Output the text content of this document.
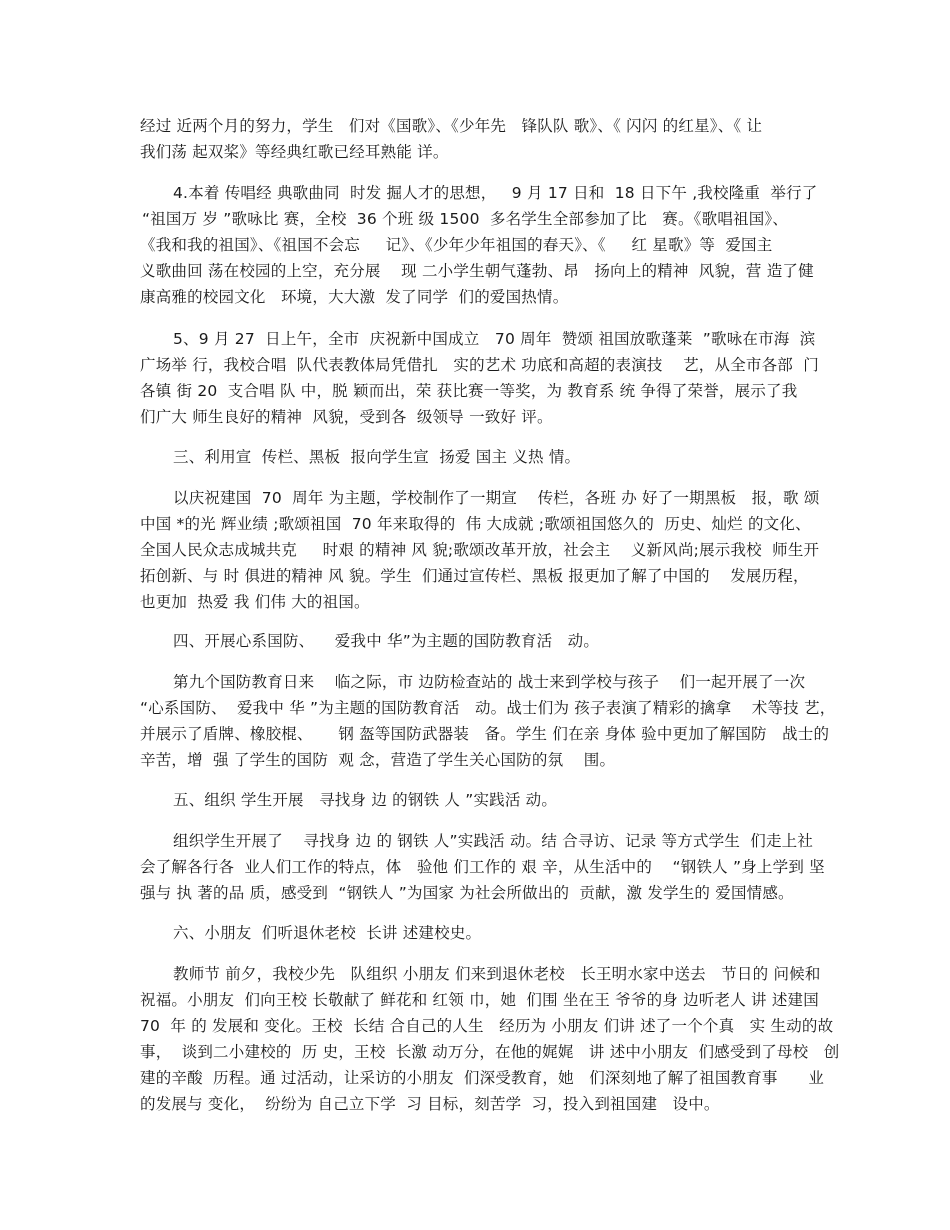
经过 近两个月的努力，学生   们对《国歌》、《少年先   锋队队 歌》、《 闪闪 的红星》、《 让
我们荡 起双桨》等经典红歌已经耳熟能 详。
4.本着 传唱经 典歌曲同  时发 掘人才的思想，   9 月 17 日和  18 日下午 ,我校隆重  举行了
“祖国万 岁 ”歌咏比 赛，全校  36 个班 级 1500  多名学生全部参加了比   赛。《歌唱祖国》、
《我和我的祖国》、《祖国不会忘     记》、《少年少年祖国的春天》、《     红 星歌》等  爱国主
义歌曲回 荡在校园的上空，充分展    现 二小学生朝气蓬勃、昂   扬向上的精神  风貌，营 造了健
康高雅的校园文化   环境，大大激  发了同学  们的爱国热情。
5、9 月 27  日上午，全市  庆祝新中国成立   70 周年  赞颂 祖国放歌蓬莱  ”歌咏在市海  滨
广场举 行，我校合唱  队代表教体局凭借扎   实的艺术 功底和高超的表演技    艺，从全市各部  门
各镇 街 20  支合唱 队 中，脱 颖而出，荣 获比赛一等奖，为 教育系 统 争得了荣誉，展示了我
们广大 师生良好的精神  风貌，受到各  级领导 一致好 评。
三、利用宣  传栏、黑板  报向学生宣  扬爱 国主 义热 情。
以庆祝建国  70  周年 为主题，学校制作了一期宣    传栏，各班 办 好了一期黑板   报，歌 颂
中国 *的光 辉业绩 ;歌颂祖国  70 年来取得的  伟 大成就 ;歌颂祖国悠久的  历史、灿烂 的文化、
全国人民众志成城共克     时艰 的精神 风 貌;歌颂改革开放，社会主    义新风尚;展示我校  师生开
拓创新、与 时 俱进的精神 风 貌。学生  们通过宣传栏、黑板 报更加了解了中国的    发展历程，
也更加  热爱 我 们伟 大的祖国。
四、开展心系国防、    爱我中 华”为主题的国防教育活   动。
第九个国防教育日来    临之际，市 边防检查站的 战士来到学校与孩子    们一起开展了一次
“心系国防、  爱我中 华 ”为主题的国防教育活   动。战士们为 孩子表演了精彩的擒拿    术等技 艺，
并展示了盾牌、橡胶棍、     钢 盔等国防武器装   备。学生 们在亲 身体 验中更加了解国防   战士的
辛苦，增  强 了学生的国防  观 念，营造了学生关心国防的氛    围。
五、组织 学生开展   寻找身 边 的钢铁 人 ”实践活 动。
组织学生开展了    寻找身 边 的 钢铁 人”实践活 动。结 合寻访、记录 等方式学生  们走上社
会了解各行各  业人们工作的特点，体   验他 们工作的 艰 辛，从生活中的    “钢铁人 ”身上学到 坚
强与 执 著的品 质，感受到  “钢铁人 ”为国家 为社会所做出的  贡献，激 发学生的 爱国情感。
六、小朋友  们听退休老校  长讲 述建校史。
教师节 前夕，我校少先   队组织 小朋友 们来到退休老校   长王明水家中送去   节日的 问候和
祝福。小朋友  们向王校 长敬献了 鲜花和 红领 巾，她  们围 坐在王 爷爷的身 边听老人 讲 述建国
70  年 的 发展和 变化。王校  长结 合自己的人生   经历为 小朋友 们讲 述了一个个真   实 生动的故
事，  谈到二小建校的  历 史，王校  长激 动万分，在他的娓娓   讲 述中小朋友  们感受到了母校   创
建的辛酸  历程。通 过活动，让采访的小朋友  们深受教育，她   们深刻地了解了祖国教育事      业
的发展与 变化，  纷纷为 自己立下学  习 目标，刻苦学  习，投入到祖国建   设中。
